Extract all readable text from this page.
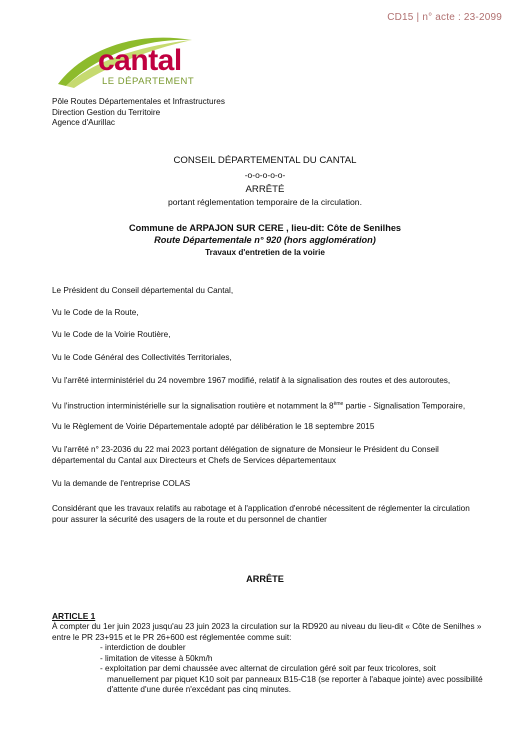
CD15 | n° acte : 23-2099
cantal
LE DÉPARTEMENT
Pôle Routes Départementales et Infrastructures
Direction Gestion du Territoire
Agence d'Aurillac
CONSEIL DÉPARTEMENTAL DU CANTAL
-o-o-o-o-o-
ARRÊTÉ
portant réglementation temporaire de la circulation.
Commune de ARPAJON SUR CERE , lieu-dit: Côte de Senilhes
Route Départementale n° 920 (hors agglomération)
Travaux d'entretien de la voirie
Le Président du Conseil départemental du Cantal,
Vu le Code de la Route,
Vu le Code de la Voirie Routière,
Vu le Code Général des Collectivités Territoriales,
Vu l'arrêté interministériel du 24 novembre 1967 modifié, relatif à la signalisation des routes et des autoroutes,
Vu l'instruction interministérielle sur la signalisation routière et notamment la 8ème partie - Signalisation Temporaire,
Vu le Règlement de Voirie Départementale adopté par délibération le 18 septembre 2015
Vu l'arrêté n° 23-2036 du 22 mai 2023 portant délégation de signature de Monsieur le Président du Conseil
départemental du Cantal aux Directeurs et Chefs de Services départementaux
Vu la demande de l'entreprise COLAS
Considérant que les travaux relatifs au rabotage et à l'application d'enrobé nécessitent de réglementer la circulation
pour assurer la sécurité des usagers de la route et du personnel de chantier
ARRÊTE
ARTICLE 1
À compter du 1er juin 2023 jusqu'au 23 juin 2023 la circulation sur la RD920 au niveau du lieu-dit « Côte de Senilhes »
entre le PR 23+915 et le PR 26+600 est réglementée comme suit:
- interdiction de doubler
- limitation de vitesse à 50km/h
- exploitation par demi chaussée avec alternat de circulation géré soit par feux tricolores, soit
manuellement par piquet K10 soit par panneaux B15-C18 (se reporter à l'abaque jointe) avec possibilité
d'attente d'une durée n'excédant pas cinq minutes.
